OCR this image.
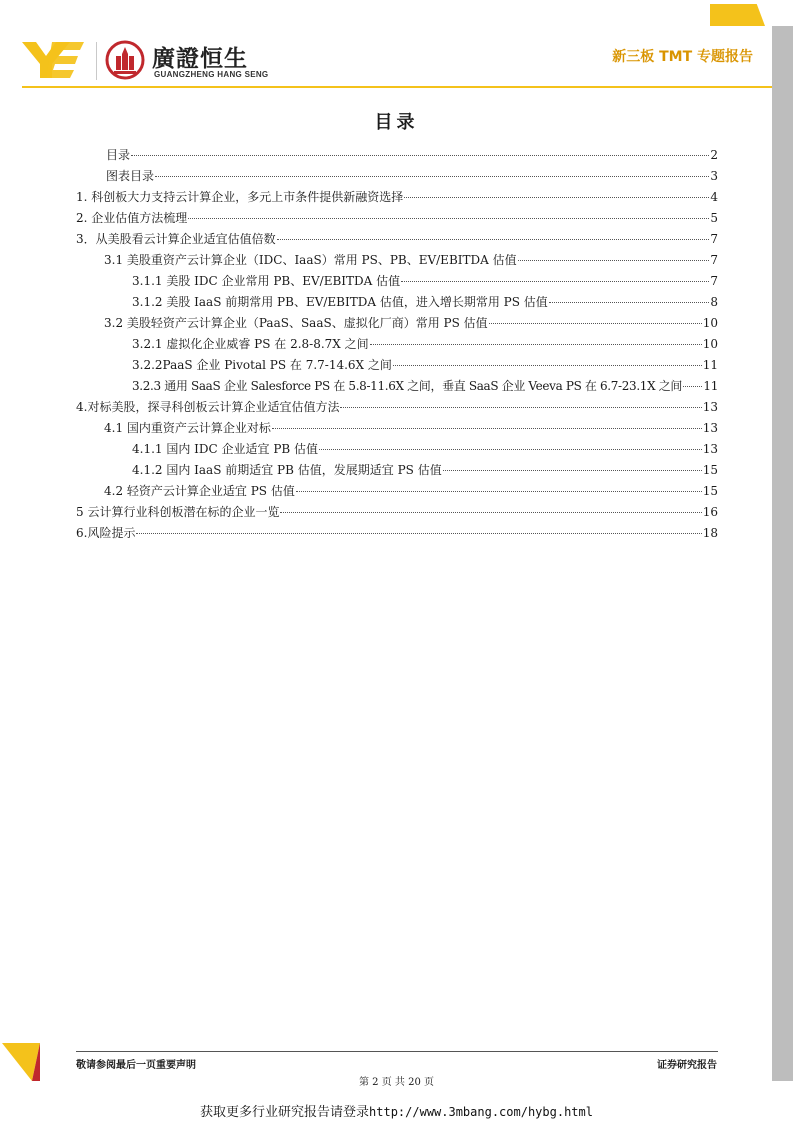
廣證恒生
GUANGZHENG HANG SENG
新三板 TMT 专题报告
目录
目录	2
图表目录	3
1. 科创板大力支持云计算企业，多元上市条件提供新融资选择	4
2. 企业估值方法梳理	5
3．从美股看云计算企业适宜估值倍数	7
3.1 美股重资产云计算企业（IDC、IaaS）常用 PS、PB、EV/EBITDA 估值	7
3.1.1 美股 IDC 企业常用 PB、EV/EBITDA 估值	7
3.1.2 美股 IaaS 前期常用 PB、EV/EBITDA 估值，进入增长期常用 PS 估值	8
3.2 美股轻资产云计算企业（PaaS、SaaS、虚拟化厂商）常用 PS 估值	10
3.2.1 虚拟化企业威睿 PS 在 2.8-8.7X 之间	10
3.2.2PaaS 企业 Pivotal PS 在 7.7-14.6X 之间	11
3.2.3 通用 SaaS 企业 Salesforce PS 在 5.8-11.6X 之间，垂直 SaaS 企业 Veeva PS 在 6.7-23.1X 之间 11
4.对标美股，探寻科创板云计算企业适宜估值方法	13
4.1 国内重资产云计算企业对标	13
4.1.1 国内 IDC 企业适宜 PB 估值	13
4.1.2 国内 IaaS 前期适宜 PB 估值，发展期适宜 PS 估值	15
4.2 轻资产云计算企业适宜 PS 估值	15
5 云计算行业科创板潜在标的企业一览	16
6.风险提示	18
敬请参阅最后一页重要声明	证券研究报告
第 2 页 共 20 页
获取更多行业研究报告请登录http://www.3mbang.com/hybg.html
